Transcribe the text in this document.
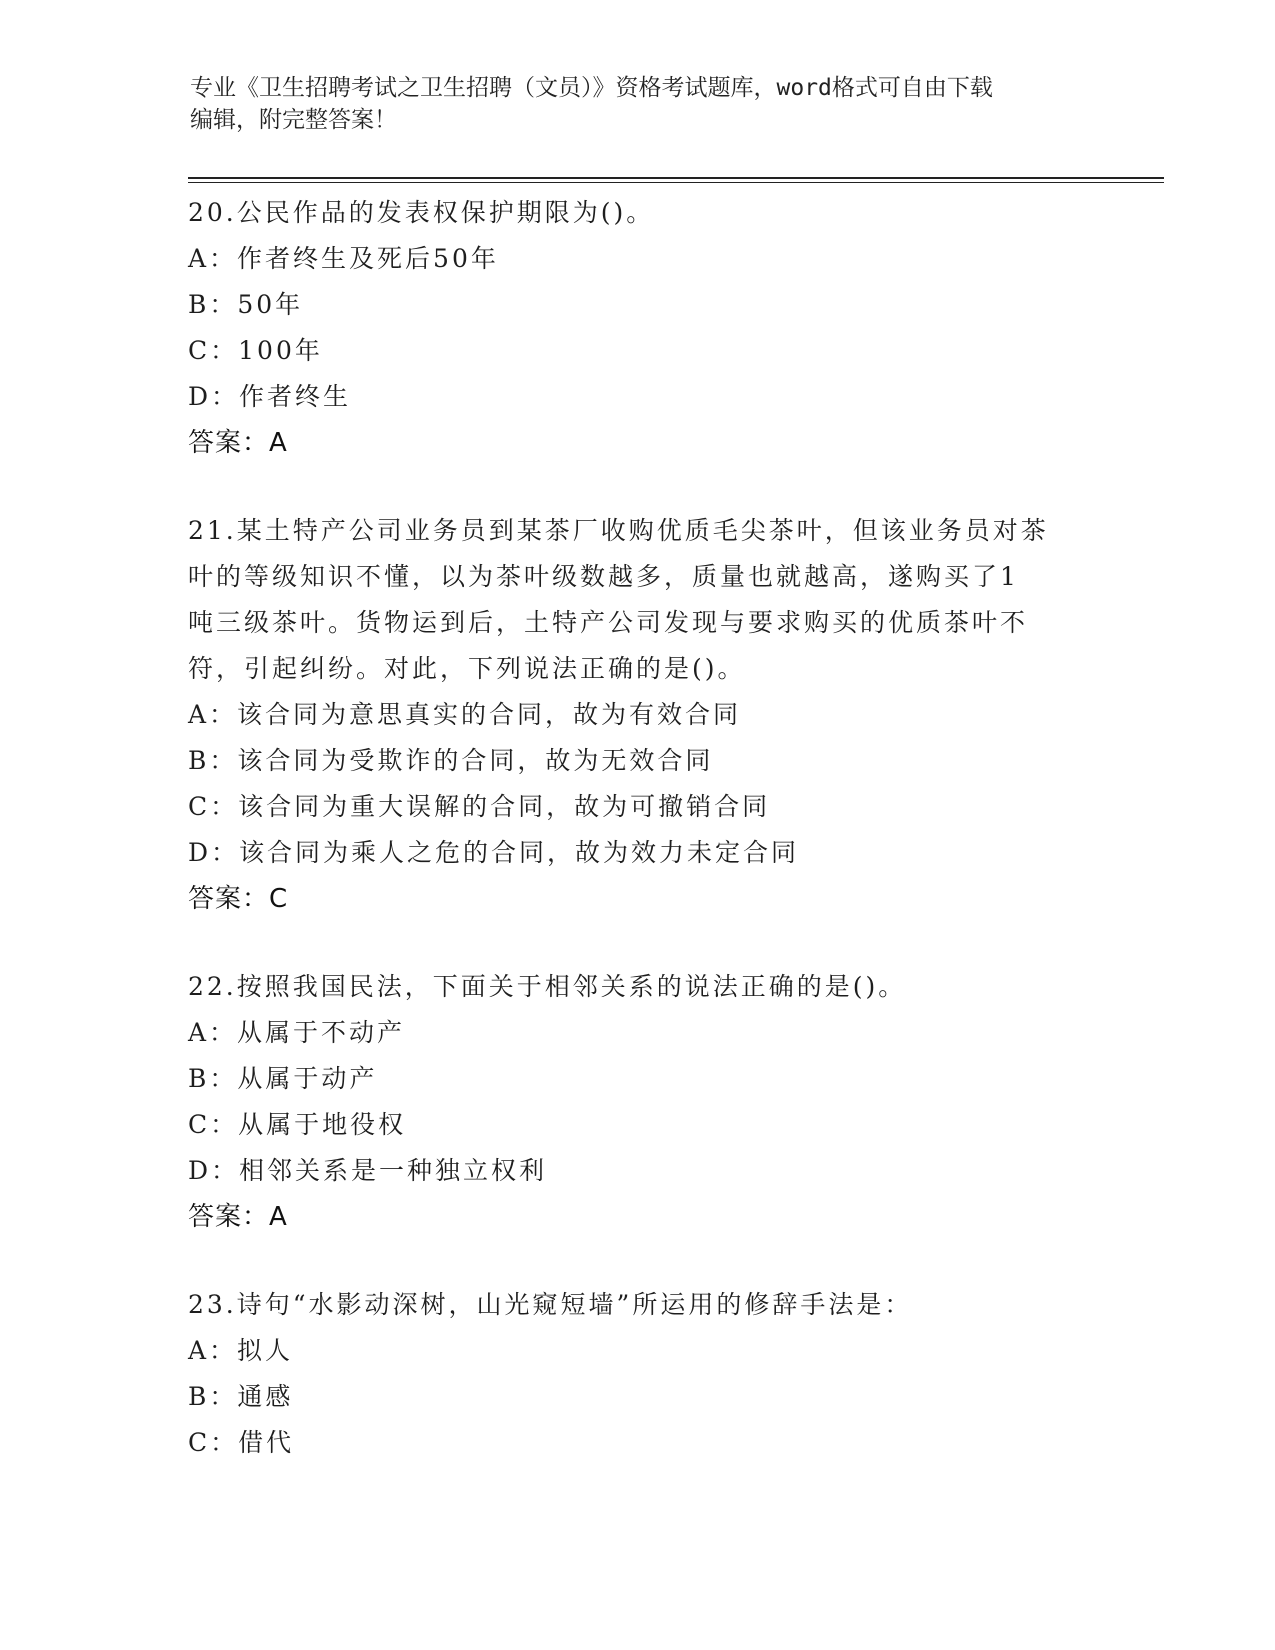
专业《卫生招聘考试之卫生招聘（文员）》资格考试题库，word格式可自由下载
编辑，附完整答案！
20.公民作品的发表权保护期限为()。
A：作者终生及死后50年
B：50年
C：100年
D：作者终生
答案：A
21.某土特产公司业务员到某茶厂收购优质毛尖茶叶，但该业务员对茶
叶的等级知识不懂，以为茶叶级数越多，质量也就越高，遂购买了1
吨三级茶叶。货物运到后，土特产公司发现与要求购买的优质茶叶不
符，引起纠纷。对此，下列说法正确的是()。
A：该合同为意思真实的合同，故为有效合同
B：该合同为受欺诈的合同，故为无效合同
C：该合同为重大误解的合同，故为可撤销合同
D：该合同为乘人之危的合同，故为效力未定合同
答案：C
22.按照我国民法，下面关于相邻关系的说法正确的是()。
A：从属于不动产
B：从属于动产
C：从属于地役权
D：相邻关系是一种独立权利
答案：A
23.诗句“水影动深树，山光窥短墙”所运用的修辞手法是：
A：拟人
B：通感
C：借代
